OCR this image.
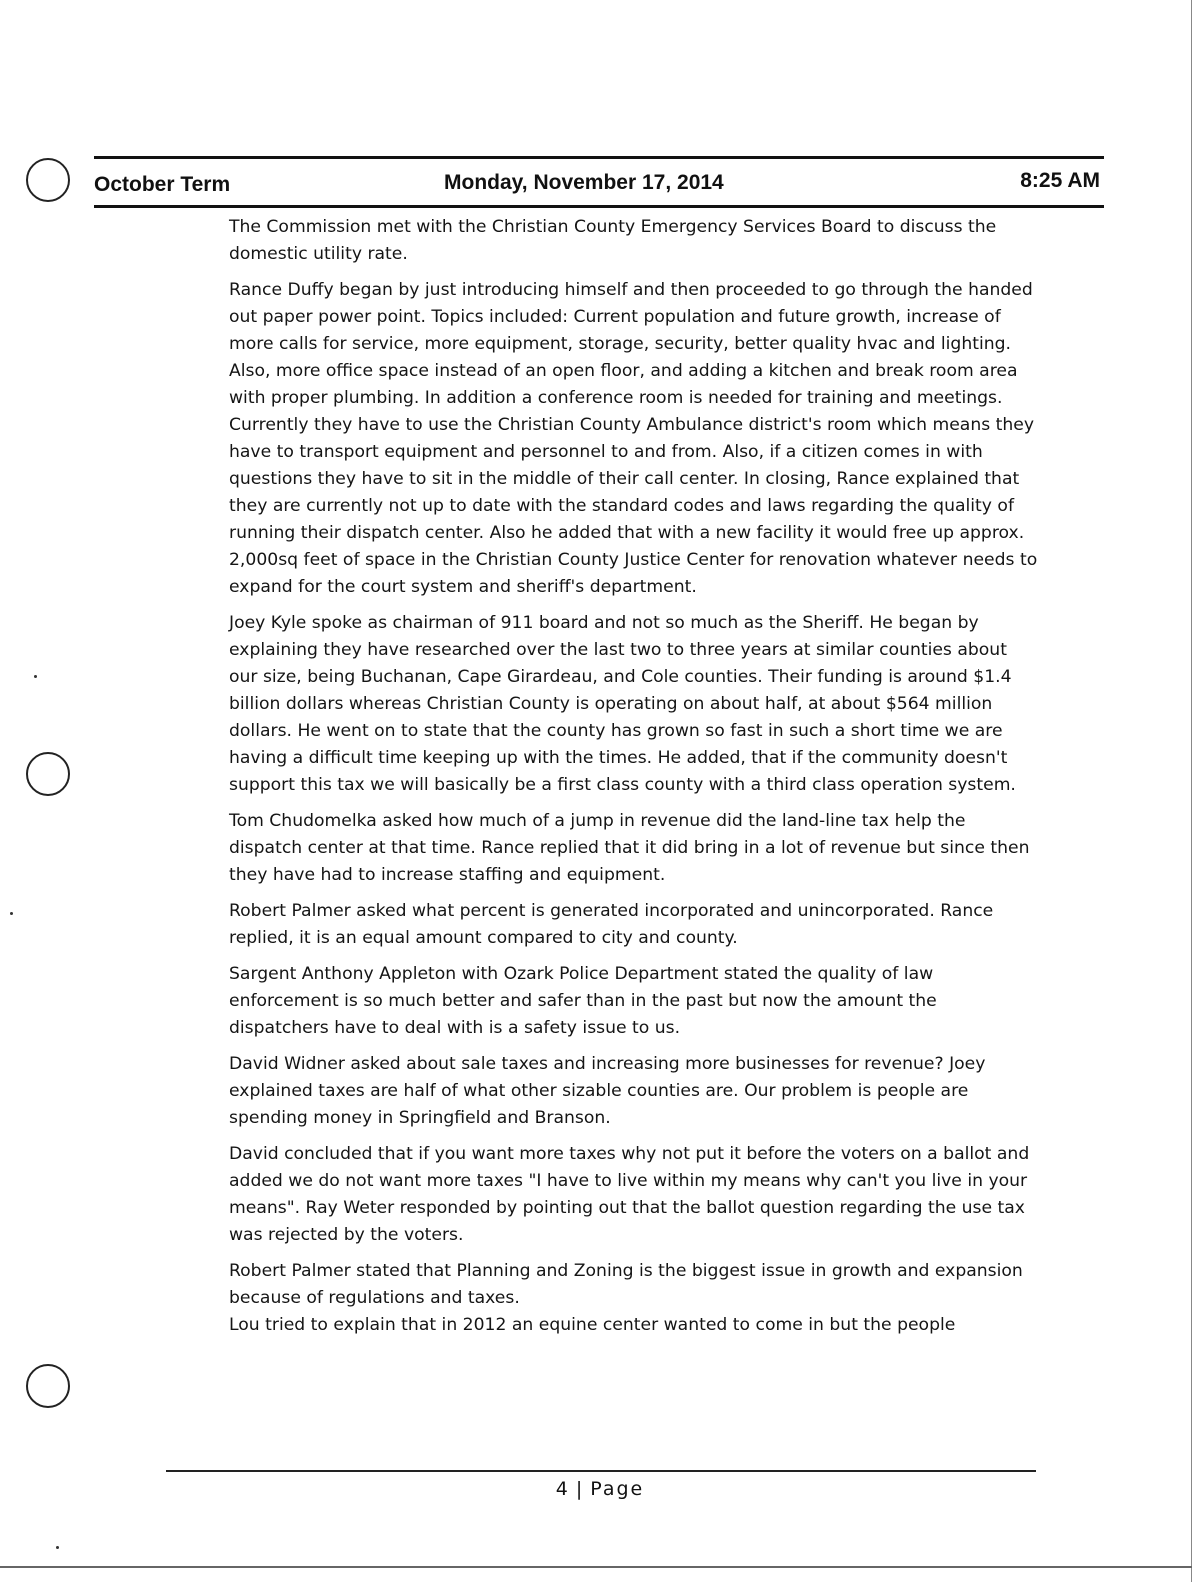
October Term	Monday, November 17, 2014	8:25 AM

The Commission met with the Christian County Emergency Services Board to discuss the domestic utility rate.

Rance Duffy began by just introducing himself and then proceeded to go through the handed out paper power point. Topics included: Current population and future growth, increase of more calls for service, more equipment, storage, security, better quality hvac and lighting. Also, more office space instead of an open floor, and adding a kitchen and break room area with proper plumbing. In addition a conference room is needed for training and meetings. Currently they have to use the Christian County Ambulance district's room which means they have to transport equipment and personnel to and from. Also, if a citizen comes in with questions they have to sit in the middle of their call center. In closing, Rance explained that they are currently not up to date with the standard codes and laws regarding the quality of running their dispatch center. Also he added that with a new facility it would free up approx. 2,000sq feet of space in the Christian County Justice Center for renovation whatever needs to expand for the court system and sheriff's department.

Joey Kyle spoke as chairman of 911 board and not so much as the Sheriff. He began by explaining they have researched over the last two to three years at similar counties about our size, being Buchanan, Cape Girardeau, and Cole counties. Their funding is around $1.4 billion dollars whereas Christian County is operating on about half, at about $564 million dollars. He went on to state that the county has grown so fast in such a short time we are having a difficult time keeping up with the times. He added, that if the community doesn't support this tax we will basically be a first class county with a third class operation system.

Tom Chudomelka asked how much of a jump in revenue did the land-line tax help the dispatch center at that time. Rance replied that it did bring in a lot of revenue but since then they have had to increase staffing and equipment.

Robert Palmer asked what percent is generated incorporated and unincorporated. Rance replied, it is an equal amount compared to city and county.

Sargent Anthony Appleton with Ozark Police Department stated the quality of law enforcement is so much better and safer than in the past but now the amount the dispatchers have to deal with is a safety issue to us.

David Widner asked about sale taxes and increasing more businesses for revenue? Joey explained taxes are half of what other sizable counties are. Our problem is people are spending money in Springfield and Branson.

David concluded that if you want more taxes why not put it before the voters on a ballot and added we do not want more taxes "I have to live within my means why can't you live in your means". Ray Weter responded by pointing out that the ballot question regarding the use tax was rejected by the voters.

Robert Palmer stated that Planning and Zoning is the biggest issue in growth and expansion because of regulations and taxes.

Lou tried to explain that in 2012 an equine center wanted to come in but the people

4 | Page
